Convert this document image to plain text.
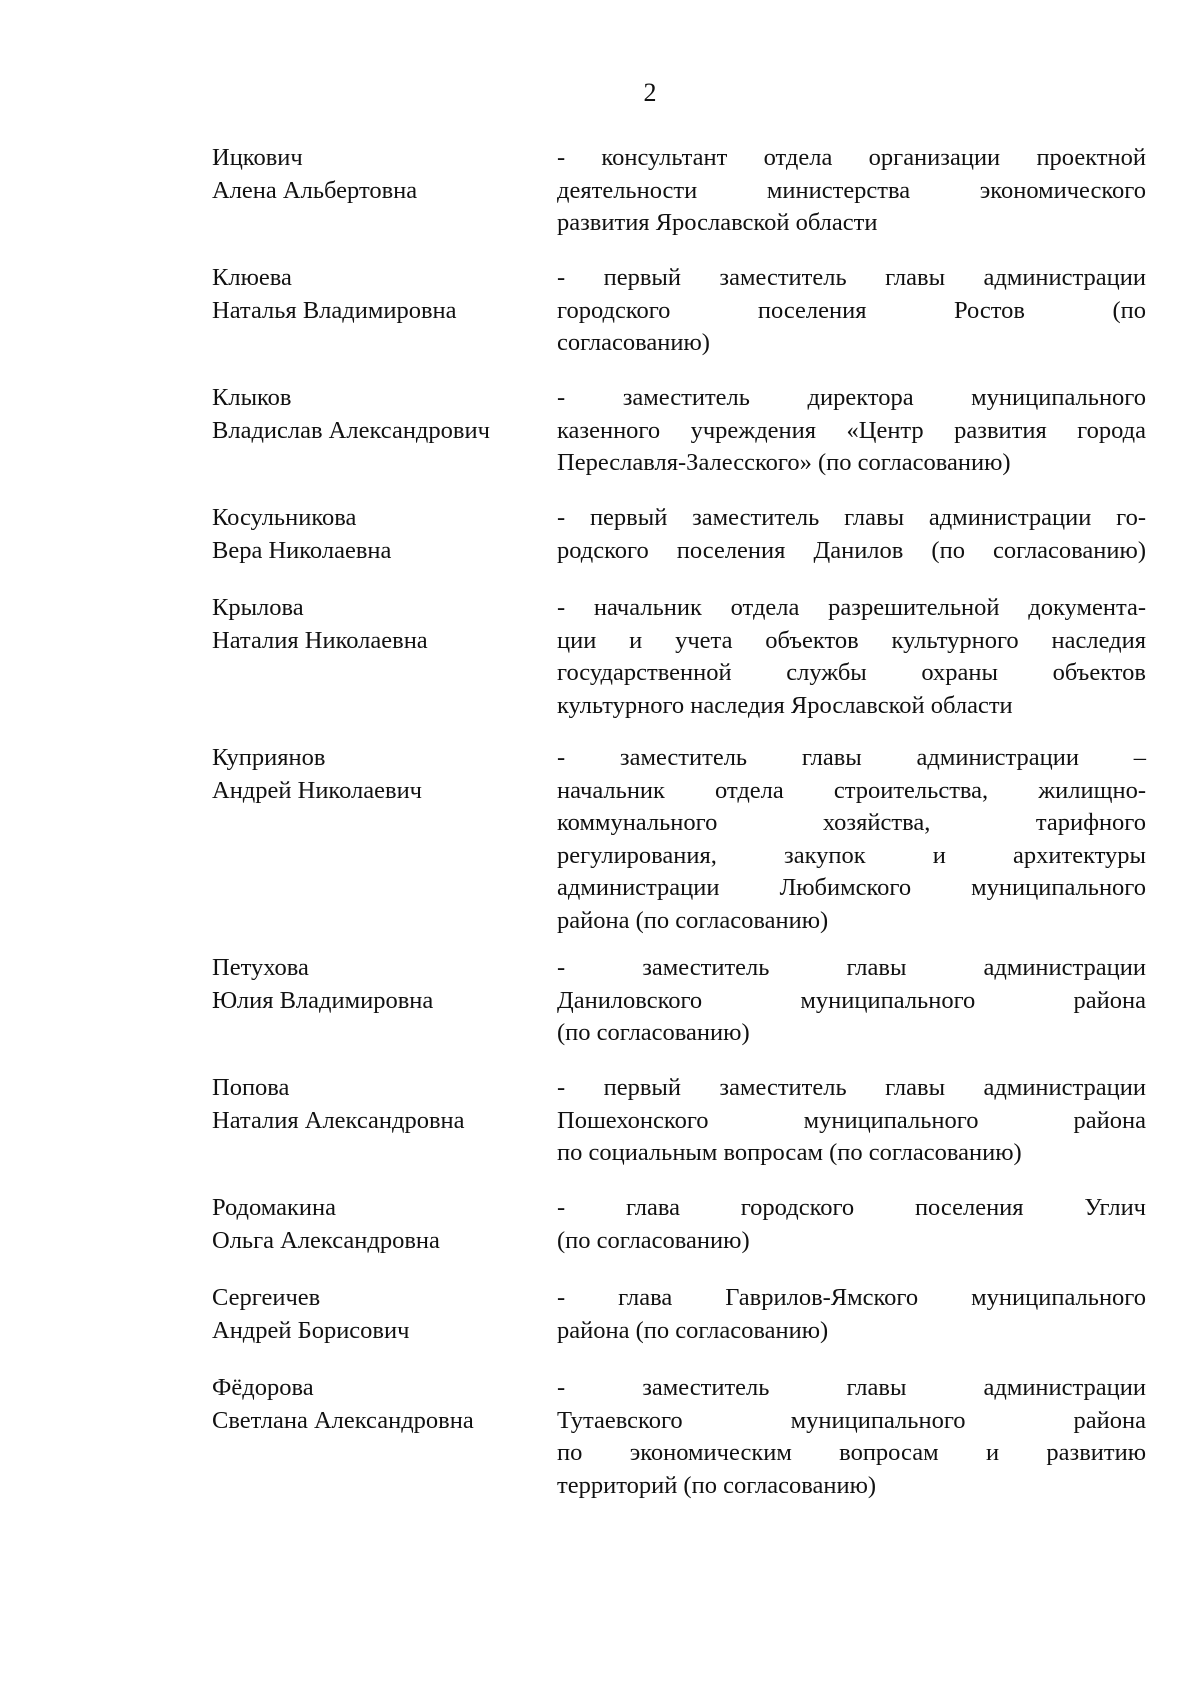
2
Ицкович
Алена Альбертовна
- консультант отдела организации проектной
деятельности министерства экономического
развития Ярославской области
Клюева
Наталья Владимировна
- первый заместитель главы администрации
городского поселения Ростов (по
согласованию)
Клыков
Владислав Александрович
- заместитель директора муниципального
казенного учреждения «Центр развития города
Переславля-Залесского» (по согласованию)
Косульникова
Вера Николаевна
- первый заместитель главы администрации го-
родского поселения Данилов (по согласованию)
Крылова
Наталия Николаевна
- начальник отдела разрешительной документа-
ции и учета объектов культурного наследия
государственной службы охраны объектов
культурного наследия Ярославской области
Куприянов
Андрей Николаевич
- заместитель главы администрации –
начальник отдела строительства, жилищно-
коммунального хозяйства, тарифного
регулирования, закупок и архитектуры
администрации Любимского муниципального
района (по согласованию)
Петухова
Юлия Владимировна
- заместитель главы администрации
Даниловского муниципального района
(по согласованию)
Попова
Наталия Александровна
- первый заместитель главы администрации
Пошехонского муниципального района
по социальным вопросам (по согласованию)
Родомакина
Ольга Александровна
- глава городского поселения Углич
(по согласованию)
Сергеичев
Андрей Борисович
- глава Гаврилов-Ямского муниципального
района (по согласованию)
Фёдорова
Светлана Александровна
- заместитель главы администрации
Тутаевского муниципального района
по экономическим вопросам и развитию
территорий (по согласованию)
